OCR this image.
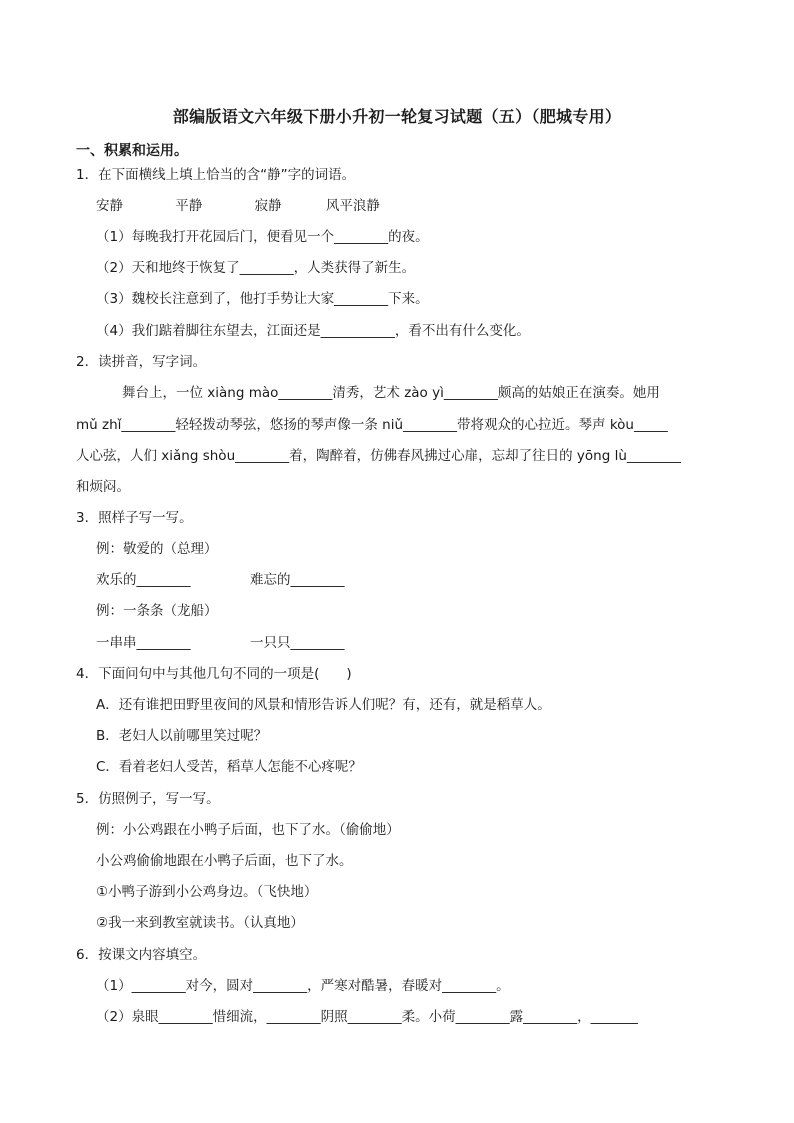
部编版语文六年级下册小升初一轮复习试题（五）（肥城专用）
一、积累和运用。
1．在下面横线上填上恰当的含“静”字的词语。
安静	平静	寂静	风平浪静
（1）每晚我打开花园后门，便看见一个________的夜。
（2）天和地终于恢复了________，人类获得了新生。
（3）魏校长注意到了，他打手势让大家________下来。
（4）我们踮着脚往东望去，江面还是___________，看不出有什么变化。
2．读拼音，写字词。
舞台上，一位 xiàng mào________清秀，艺术 zào yì________颇高的姑娘正在演奏。她用
mǔ zhǐ________轻轻拨动琴弦，悠扬的琴声像一条 niǔ________带将观众的心拉近。琴声 kòu_____
人心弦，人们 xiǎng shòu________着，陶醉着，仿佛春风拂过心扉，忘却了往日的 yōng lù________
和烦闷。
3．照样子写一写。
例：敬爱的（总理）
欢乐的________	难忘的________
例：一条条（龙船）
一串串________	一只只________
4．下面问句中与其他几句不同的一项是(　　)
A．还有谁把田野里夜间的风景和情形告诉人们呢？有，还有，就是稻草人。
B．老妇人以前哪里笑过呢？
C．看着老妇人受苦，稻草人怎能不心疼呢？
5．仿照例子，写一写。
例：小公鸡跟在小鸭子后面，也下了水。（偷偷地）
小公鸡偷偷地跟在小鸭子后面，也下了水。
①小鸭子游到小公鸡身边。（飞快地）
②我一来到教室就读书。（认真地）
6．按课文内容填空。
（1）________对今，圆对________，严寒对酷暑，春暖对________。
（2）泉眼________惜细流，________阴照________柔。小荷________露________，_______
